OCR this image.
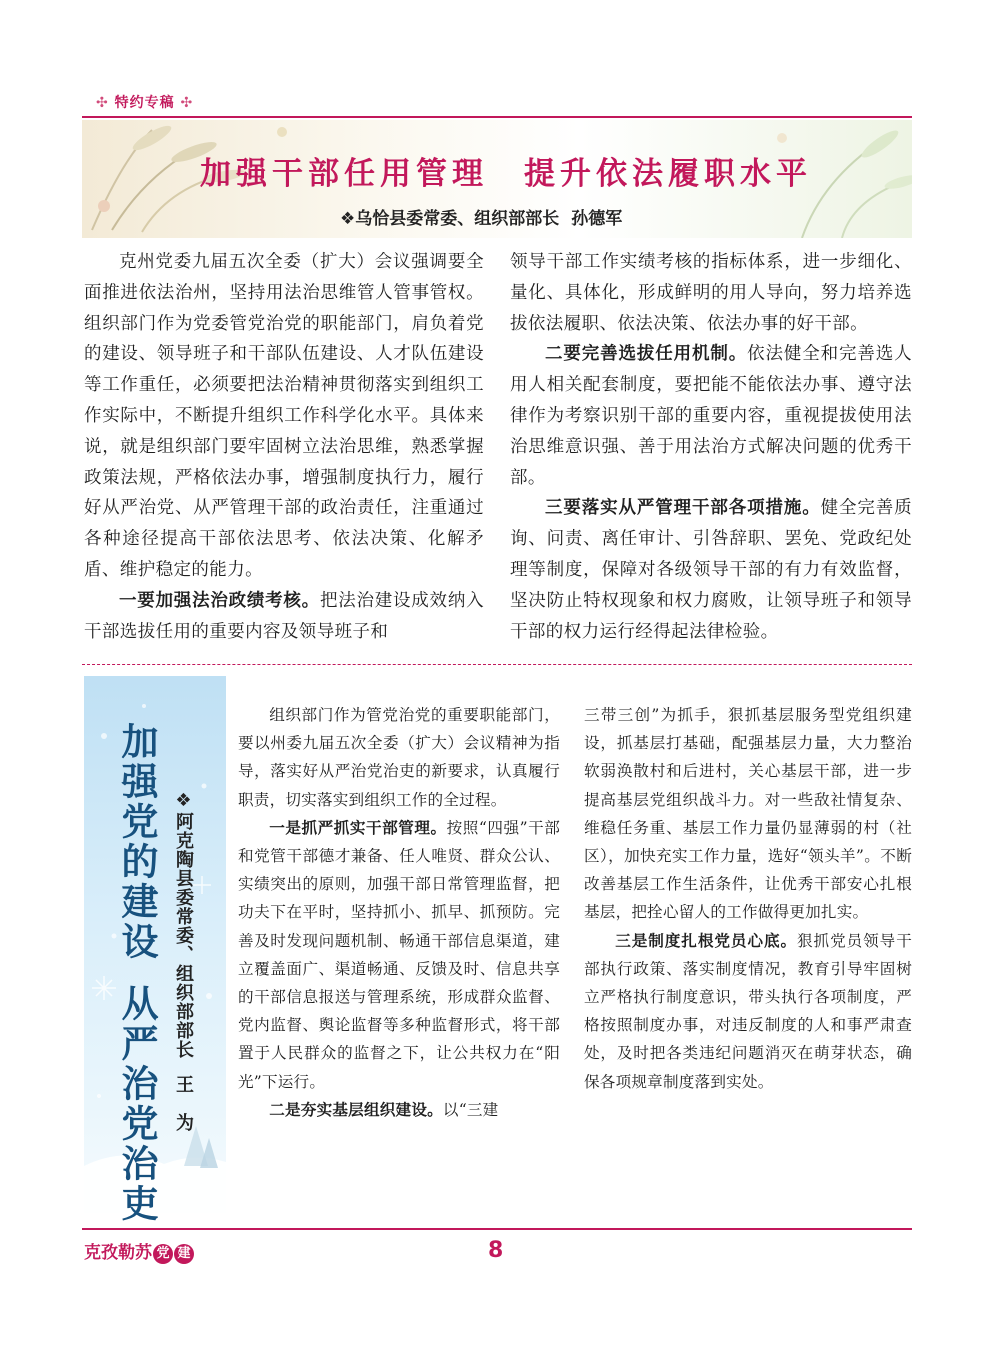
✣ 特约专稿 ✣
加强干部任用管理　提升依法履职水平
❖乌恰县委常委、组织部部长 孙德军

克州党委九届五次全委（扩大）会议强调要全面推进依法治州，坚持用法治思维管人管事管权。组织部门作为党委管党治党的职能部门，肩负着党的建设、领导班子和干部队伍建设、人才队伍建设等工作重任，必须要把法治精神贯彻落实到组织工作实际中，不断提升组织工作科学化水平。具体来说，就是组织部门要牢固树立法治思维，熟悉掌握政策法规，严格依法办事，增强制度执行力，履行好从严治党、从严管理干部的政治责任，注重通过各种途径提高干部依法思考、依法决策、化解矛盾、维护稳定的能力。

一要加强法治政绩考核。把法治建设成效纳入干部选拔任用的重要内容及领导班子和

领导干部工作实绩考核的指标体系，进一步细化、量化、具体化，形成鲜明的用人导向，努力培养选拔依法履职、依法决策、依法办事的好干部。

二要完善选拔任用机制。依法健全和完善选人用人相关配套制度，要把能不能依法办事、遵守法律作为考察识别干部的重要内容，重视提拔使用法治思维意识强、善于用法治方式解决问题的优秀干部。

三要落实从严管理干部各项措施。健全完善质询、问责、离任审计、引咎辞职、罢免、党政纪处理等制度，保障对各级领导干部的有力有效监督，坚决防止特权现象和权力腐败，让领导班子和领导干部的权力运行经得起法律检验。

加强党的建设从严治党治吏
❖阿克陶县委常委、组织部部长王　为

组织部门作为管党治党的重要职能部门，要以州委九届五次全委（扩大）会议精神为指导，落实好从严治党治吏的新要求，认真履行职责，切实落实到组织工作的全过程。

一是抓严抓实干部管理。按照“四强”干部和党管干部德才兼备、任人唯贤、群众公认、实绩突出的原则，加强干部日常管理监督，把功夫下在平时，坚持抓小、抓早、抓预防。完善及时发现问题机制、畅通干部信息渠道，建立覆盖面广、渠道畅通、反馈及时、信息共享的干部信息报送与管理系统，形成群众监督、党内监督、舆论监督等多种监督形式，将干部置于人民群众的监督之下，让公共权力在“阳光”下运行。

二是夯实基层组织建设。以“三建

三带三创”为抓手，狠抓基层服务型党组织建设，抓基层打基础，配强基层力量，大力整治软弱涣散村和后进村，关心基层干部，进一步提高基层党组织战斗力。对一些敌社情复杂、维稳任务重、基层工作力量仍显薄弱的村（社区），加快充实工作力量，选好“领头羊”。不断改善基层工作生活条件，让优秀干部安心扎根基层，把拴心留人的工作做得更加扎实。

三是制度扎根党员心底。狠抓党员领导干部执行政策、落实制度情况，教育引导牢固树立严格执行制度意识，带头执行各项制度，严格按照制度办事，对违反制度的人和事严肃查处，及时把各类违纪问题消灭在萌芽状态，确保各项规章制度落到实处。

克孜勒苏 党 建	8
